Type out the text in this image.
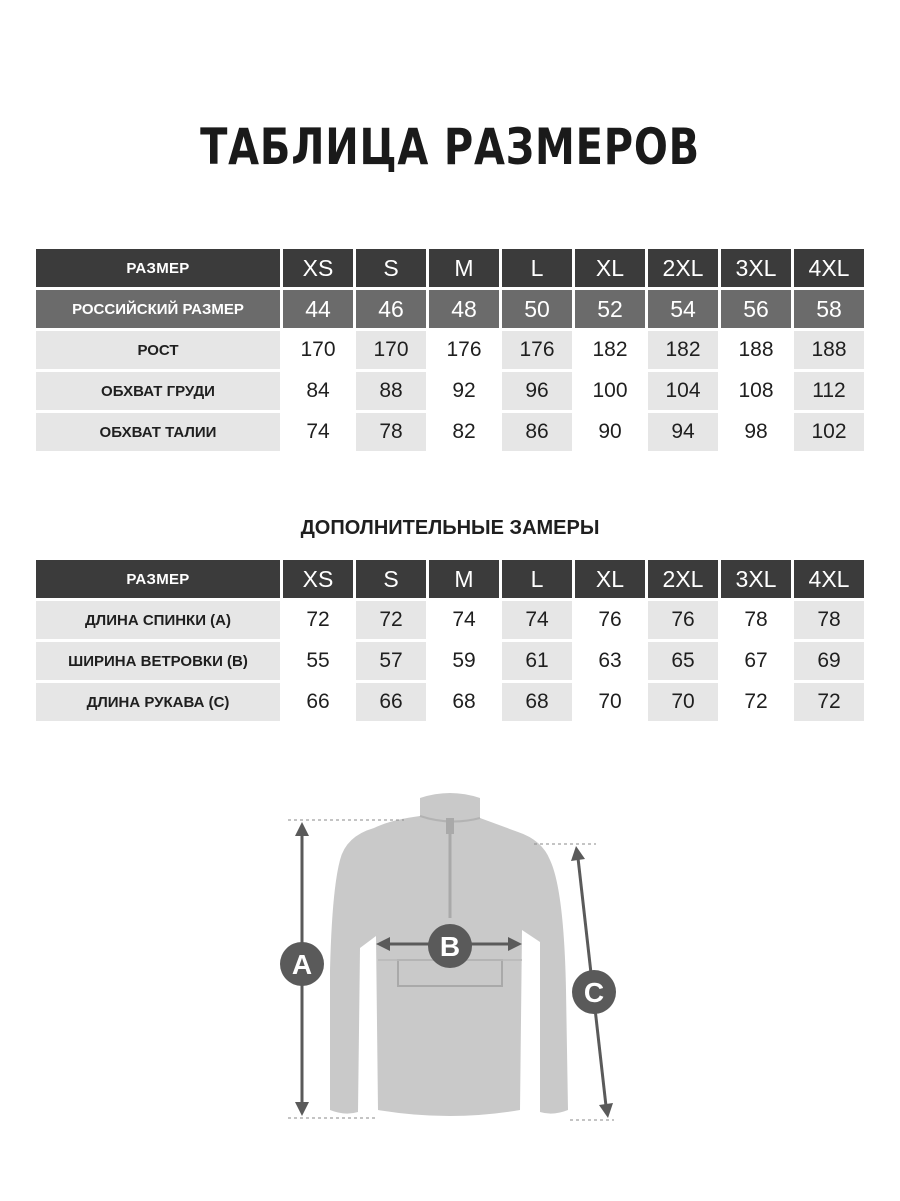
ТАБЛИЦА РАЗМЕРОВ
РАЗМЕР	XS	S	M	L	XL	2XL	3XL	4XL
РОССИЙСКИЙ РАЗМЕР	44	46	48	50	52	54	56	58
РОСТ	170	170	176	176	182	182	188	188
ОБХВАТ ГРУДИ	84	88	92	96	100	104	108	112
ОБХВАТ ТАЛИИ	74	78	82	86	90	94	98	102
ДОПОЛНИТЕЛЬНЫЕ ЗАМЕРЫ
РАЗМЕР	XS	S	M	L	XL	2XL	3XL	4XL
ДЛИНА СПИНКИ (А)	72	72	74	74	76	76	78	78
ШИРИНА ВЕТРОВКИ (В)	55	57	59	61	63	65	67	69
ДЛИНА РУКАВА (С)	66	66	68	68	70	70	72	72
A
B
C
